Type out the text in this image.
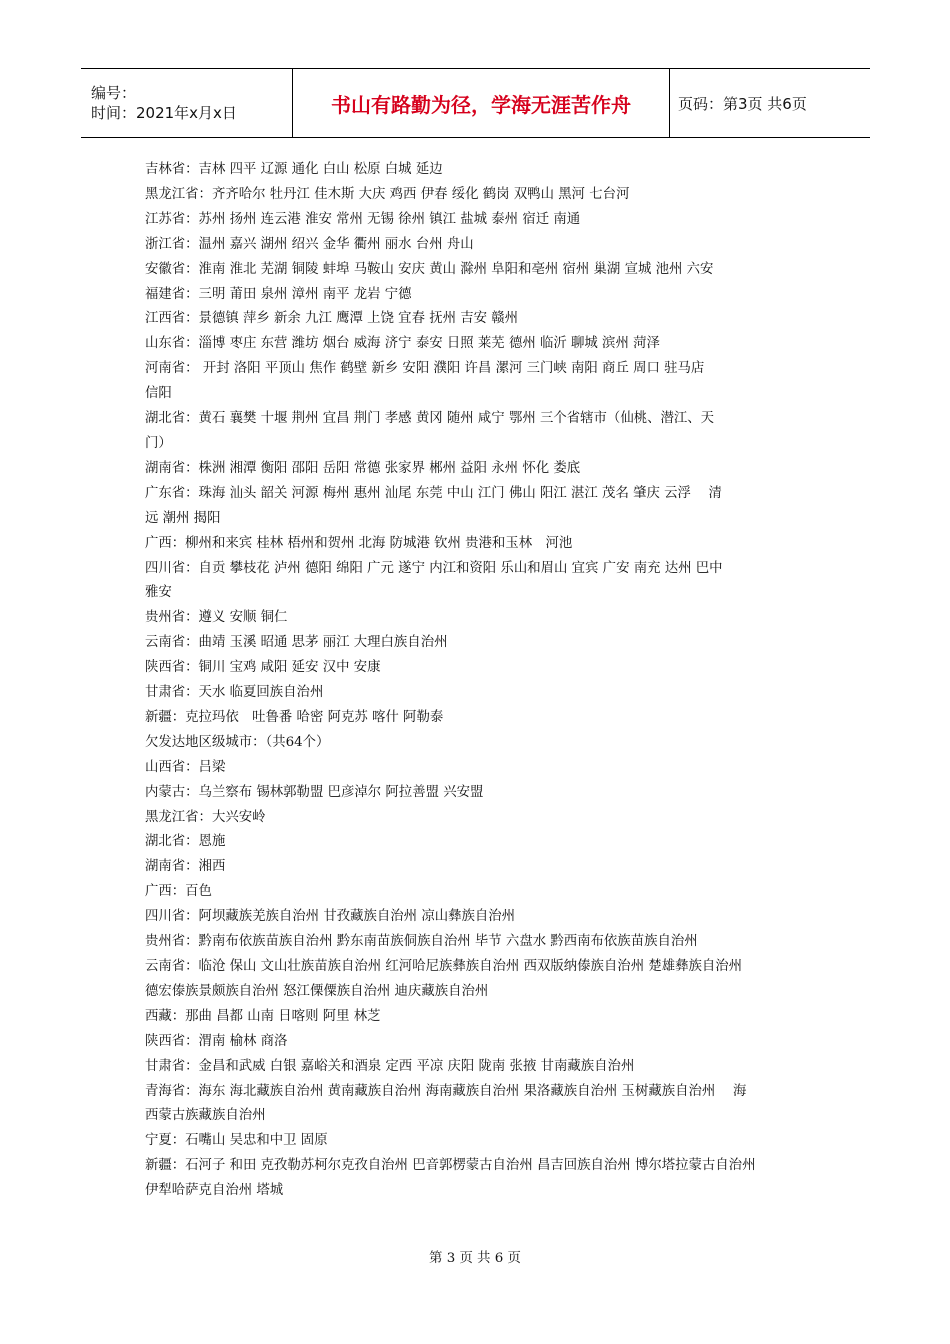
编号：
时间：2021年x月x日	书山有路勤为径，学海无涯苦作舟	页码：第3页 共6页
吉林省：吉林 四平 辽源 通化 白山 松原 白城 延边
黑龙江省：齐齐哈尔 牡丹江 佳木斯 大庆 鸡西 伊春 绥化 鹤岗 双鸭山 黑河 七台河
江苏省：苏州 扬州 连云港 淮安 常州 无锡 徐州 镇江 盐城 泰州 宿迁 南通
浙江省：温州 嘉兴 湖州 绍兴 金华 衢州 丽水 台州 舟山
安徽省：淮南 淮北 芜湖 铜陵 蚌埠 马鞍山 安庆 黄山 滁州 阜阳和亳州 宿州 巢湖 宣城 池州 六安
福建省：三明 莆田 泉州 漳州 南平 龙岩 宁德
江西省：景德镇 萍乡 新余 九江 鹰潭 上饶 宜春 抚州 吉安 赣州
山东省：淄博 枣庄 东营 潍坊 烟台 威海 济宁 泰安 日照 莱芜 德州 临沂 聊城 滨州 菏泽
河南省： 开封 洛阳 平顶山 焦作 鹤壁 新乡 安阳 濮阳 许昌 漯河 三门峡 南阳 商丘 周口 驻马店
信阳
湖北省：黄石 襄樊 十堰 荆州 宜昌 荆门 孝感 黄冈 随州 咸宁 鄂州 三个省辖市（仙桃、潜江、天
门）
湖南省：株洲 湘潭 衡阳 邵阳 岳阳 常德 张家界 郴州 益阳 永州 怀化 娄底
广东省：珠海 汕头 韶关 河源 梅州 惠州 汕尾 东莞 中山 江门 佛山 阳江 湛江 茂名 肇庆 云浮　 清
远 潮州 揭阳
广西：柳州和来宾 桂林 梧州和贺州 北海 防城港 钦州 贵港和玉林　河池
四川省：自贡 攀枝花 泸州 德阳 绵阳 广元 遂宁 内江和资阳 乐山和眉山 宜宾 广安 南充 达州 巴中
雅安
贵州省：遵义 安顺 铜仁
云南省：曲靖 玉溪 昭通 思茅 丽江 大理白族自治州
陕西省：铜川 宝鸡 咸阳 延安 汉中 安康
甘肃省：天水 临夏回族自治州
新疆：克拉玛依　吐鲁番 哈密 阿克苏 喀什 阿勒泰
欠发达地区级城市：（共64个）
山西省：吕梁
内蒙古：乌兰察布 锡林郭勒盟 巴彦淖尔 阿拉善盟 兴安盟
黑龙江省：大兴安岭
湖北省：恩施
湖南省：湘西
广西：百色
四川省：阿坝藏族羌族自治州 甘孜藏族自治州 凉山彝族自治州
贵州省：黔南布依族苗族自治州 黔东南苗族侗族自治州 毕节 六盘水 黔西南布依族苗族自治州
云南省：临沧 保山 文山壮族苗族自治州 红河哈尼族彝族自治州 西双版纳傣族自治州 楚雄彝族自治州
德宏傣族景颇族自治州 怒江傈僳族自治州 迪庆藏族自治州
西藏：那曲 昌都 山南 日喀则 阿里 林芝
陕西省：渭南 榆林 商洛
甘肃省：金昌和武威 白银 嘉峪关和酒泉 定西 平凉 庆阳 陇南 张掖 甘南藏族自治州
青海省：海东 海北藏族自治州 黄南藏族自治州 海南藏族自治州 果洛藏族自治州 玉树藏族自治州　 海
西蒙古族藏族自治州
宁夏：石嘴山 吴忠和中卫 固原
新疆：石河子 和田 克孜勒苏柯尔克孜自治州 巴音郭楞蒙古自治州 昌吉回族自治州 博尔塔拉蒙古自治州
伊犁哈萨克自治州 塔城
第 3 页 共 6 页
